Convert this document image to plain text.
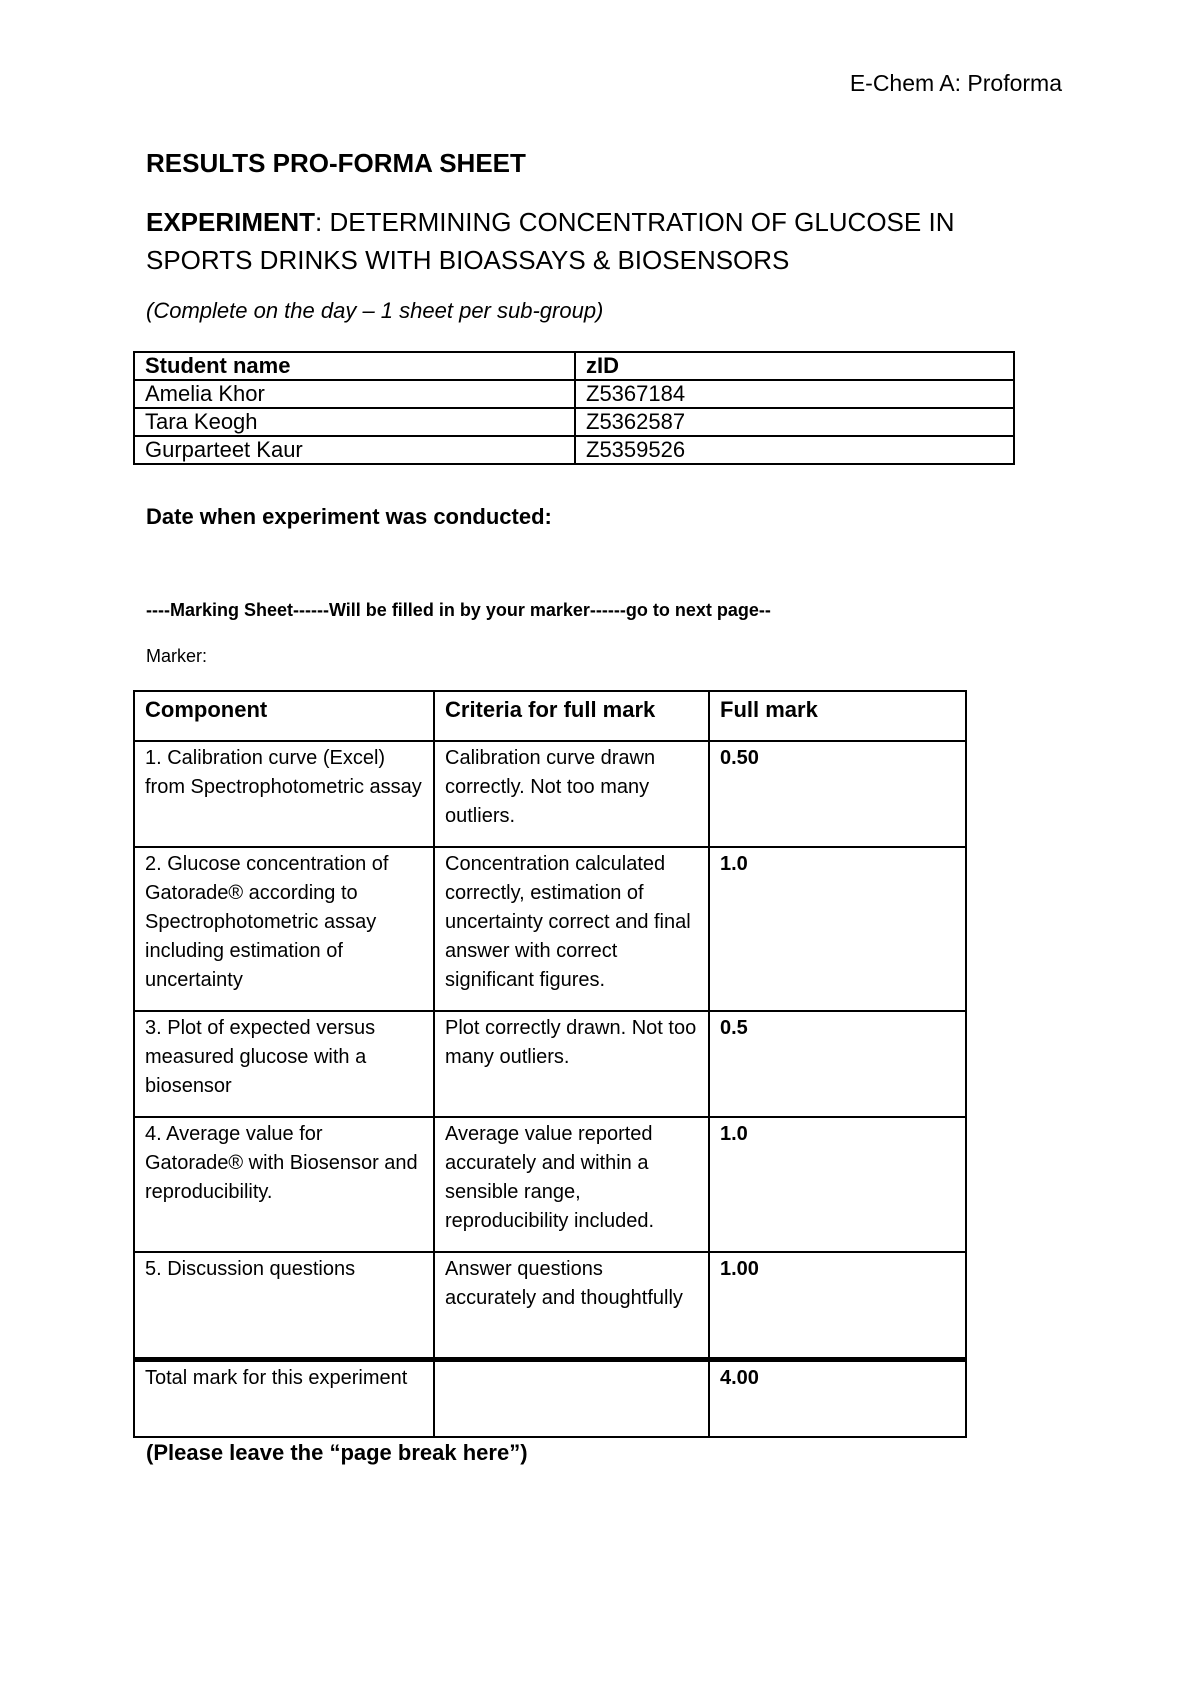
E-Chem A: Proforma
RESULTS PRO-FORMA SHEET
EXPERIMENT: DETERMINING CONCENTRATION OF GLUCOSE IN SPORTS DRINKS WITH BIOASSAYS & BIOSENSORS
(Complete on the day – 1 sheet per sub-group)
Student name	zID
Amelia Khor	Z5367184
Tara Keogh	Z5362587
Gurparteet Kaur	Z5359526
Date when experiment was conducted:
----Marking Sheet------Will be filled in by your marker------go to next page--
Marker:
Component	Criteria for full mark	Full mark
1. Calibration curve (Excel) from Spectrophotometric assay	Calibration curve drawn correctly. Not too many outliers.	0.50
2. Glucose concentration of Gatorade® according to Spectrophotometric assay including estimation of uncertainty	Concentration calculated correctly, estimation of uncertainty correct and final answer with correct significant figures.	1.0
3. Plot of expected versus measured glucose with a biosensor	Plot correctly drawn. Not too many outliers.	0.5
4. Average value for Gatorade® with Biosensor and reproducibility.	Average value reported accurately and within a sensible range, reproducibility included.	1.0
5. Discussion questions	Answer questions accurately and thoughtfully	1.00
Total mark for this experiment		4.00
(Please leave the “page break here”)
